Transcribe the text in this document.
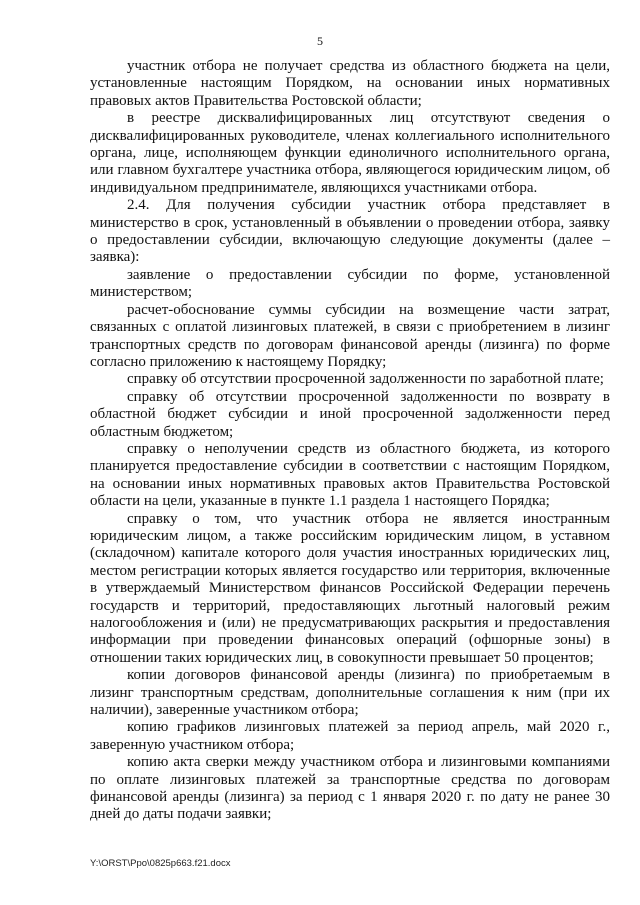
5

участник отбора не получает средства из областного бюджета на цели, установленные настоящим Порядком, на основании иных нормативных правовых актов Правительства Ростовской области;

в реестре дисквалифицированных лиц отсутствуют сведения о дисквалифицированных руководителе, членах коллегиального исполнительного органа, лице, исполняющем функции единоличного исполнительного органа, или главном бухгалтере участника отбора, являющегося юридическим лицом, об индивидуальном предпринимателе, являющихся участниками отбора.

2.4. Для получения субсидии участник отбора представляет в министерство в срок, установленный в объявлении о проведении отбора, заявку о предоставлении субсидии, включающую следующие документы (далее – заявка):

заявление о предоставлении субсидии по форме, установленной министерством;

расчет-обоснование суммы субсидии на возмещение части затрат, связанных с оплатой лизинговых платежей, в связи с приобретением в лизинг транспортных средств по договорам финансовой аренды (лизинга) по форме согласно приложению к настоящему Порядку;

справку об отсутствии просроченной задолженности по заработной плате;

справку об отсутствии просроченной задолженности по возврату в областной бюджет субсидии и иной просроченной задолженности перед областным бюджетом;

справку о неполучении средств из областного бюджета, из которого планируется предоставление субсидии в соответствии с настоящим Порядком, на основании иных нормативных правовых актов Правительства Ростовской области на цели, указанные в пункте 1.1 раздела 1 настоящего Порядка;

справку о том, что участник отбора не является иностранным юридическим лицом, а также российским юридическим лицом, в уставном (складочном) капитале которого доля участия иностранных юридических лиц, местом регистрации которых является государство или территория, включенные в утверждаемый Министерством финансов Российской Федерации перечень государств и территорий, предоставляющих льготный налоговый режим налогообложения и (или) не предусматривающих раскрытия и предоставления информации при проведении финансовых операций (офшорные зоны) в отношении таких юридических лиц, в совокупности превышает 50 процентов;

копии договоров финансовой аренды (лизинга) по приобретаемым в лизинг транспортным средствам, дополнительные соглашения к ним (при их наличии), заверенные участником отбора;

копию графиков лизинговых платежей за период апрель, май 2020 г., заверенную участником отбора;

копию акта сверки между участником отбора и лизинговыми компаниями по оплате лизинговых платежей за транспортные средства по договорам финансовой аренды (лизинга) за период с 1 января 2020 г. по дату не ранее 30 дней до даты подачи заявки;

Y:\ORST\Ppo\0825p663.f21.docx
